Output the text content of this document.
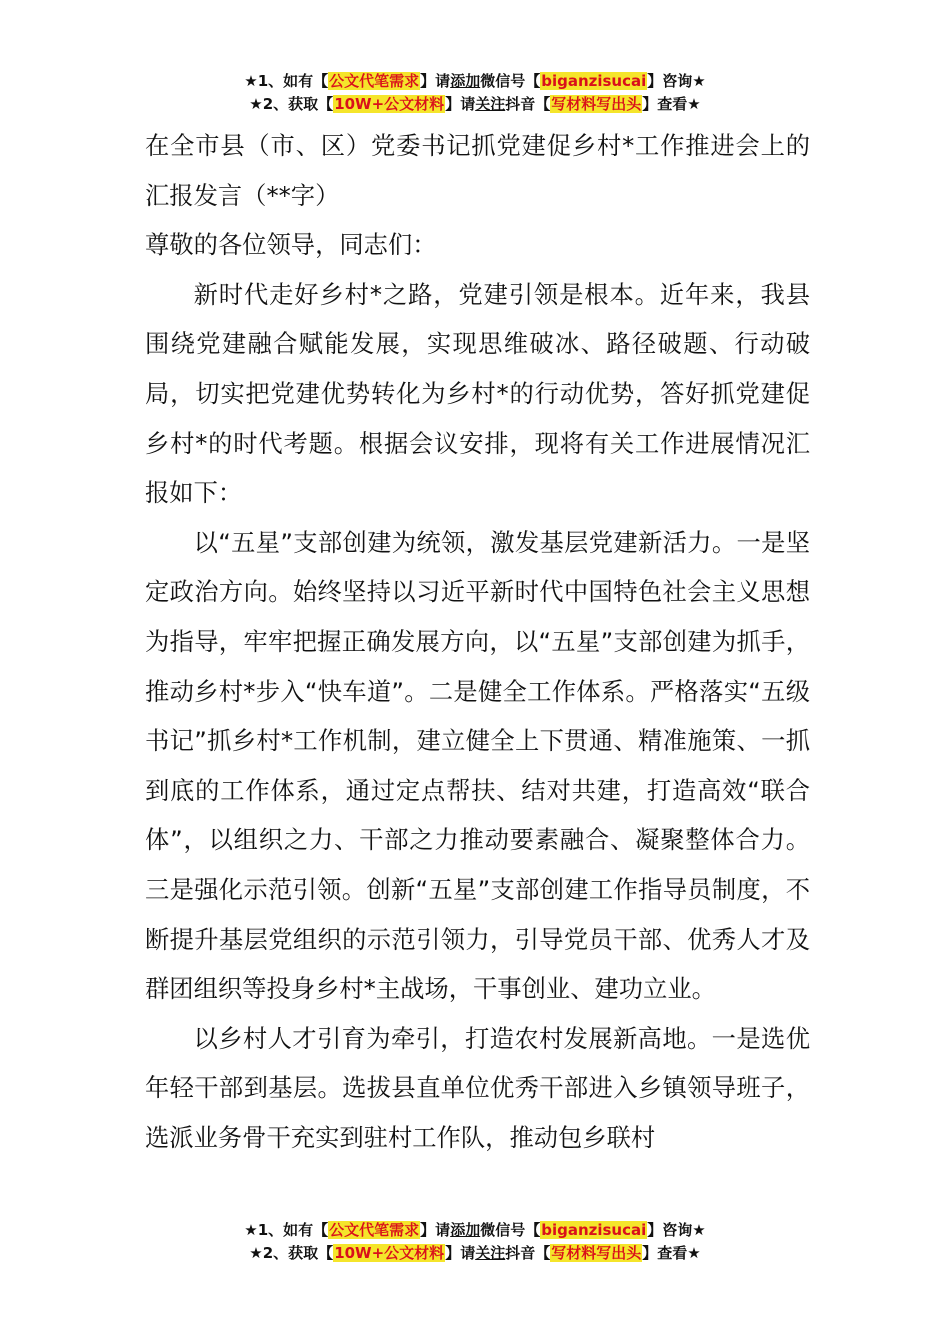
★1、如有【公文代笔需求】请添加微信号【biganzisucai】咨询★
★2、获取【10W+公文材料】请关注抖音【写材料写出头】查看★

在全市县（市、区）党委书记抓党建促乡村*工作推进会上的汇报发言（**字）

尊敬的各位领导，同志们：

新时代走好乡村*之路，党建引领是根本。近年来，我县围绕党建融合赋能发展，实现思维破冰、路径破题、行动破局，切实把党建优势转化为乡村*的行动优势，答好抓党建促乡村*的时代考题。根据会议安排，现将有关工作进展情况汇报如下：

以“五星”支部创建为统领，激发基层党建新活力。一是坚定政治方向。始终坚持以习近平新时代中国特色社会主义思想为指导，牢牢把握正确发展方向，以“五星”支部创建为抓手，推动乡村*步入“快车道”。二是健全工作体系。严格落实“五级书记”抓乡村*工作机制，建立健全上下贯通、精准施策、一抓到底的工作体系，通过定点帮扶、结对共建，打造高效“联合体”，以组织之力、干部之力推动要素融合、凝聚整体合力。三是强化示范引领。创新“五星”支部创建工作指导员制度，不断提升基层党组织的示范引领力，引导党员干部、优秀人才及群团组织等投身乡村*主战场，干事创业、建功立业。

以乡村人才引育为牵引，打造农村发展新高地。一是选优年轻干部到基层。选拔县直单位优秀干部进入乡镇领导班子，选派业务骨干充实到驻村工作队，推动包乡联村

★1、如有【公文代笔需求】请添加微信号【biganzisucai】咨询★
★2、获取【10W+公文材料】请关注抖音【写材料写出头】查看★
